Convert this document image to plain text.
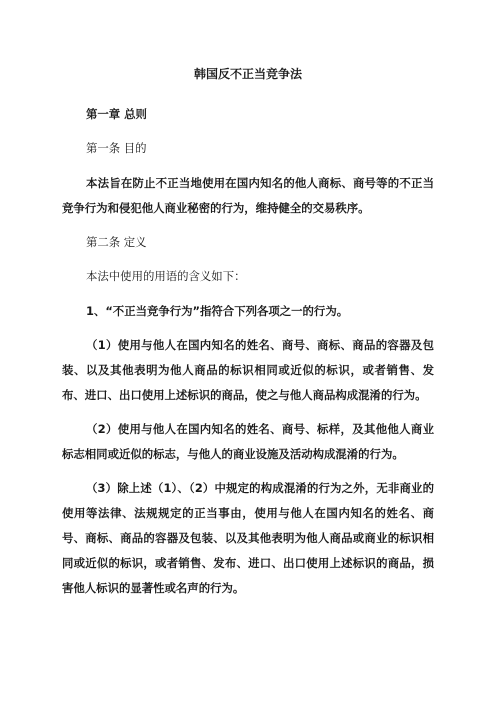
韩国反不正当竞争法
第一章 总则
第一条 目的
本法旨在防止不正当地使用在国内知名的他人商标、商号等的不正当竞争行为和侵犯他人商业秘密的行为，维持健全的交易秩序。
第二条 定义
本法中使用的用语的含义如下：
1、“不正当竞争行为”指符合下列各项之一的行为。
（1）使用与他人在国内知名的姓名、商号、商标、商品的容器及包装、以及其他表明为他人商品的标识相同或近似的标识，或者销售、发布、进口、出口使用上述标识的商品，使之与他人商品构成混淆的行为。
（2）使用与他人在国内知名的姓名、商号、标样，及其他他人商业标志相同或近似的标志，与他人的商业设施及活动构成混淆的行为。
（3）除上述（1）、（2）中规定的构成混淆的行为之外，无非商业的使用等法律、法规规定的正当事由，使用与他人在国内知名的姓名、商号、商标、商品的容器及包装、以及其他表明为他人商品或商业的标识相同或近似的标识，或者销售、发布、进口、出口使用上述标识的商品，损害他人标识的显著性或名声的行为。
